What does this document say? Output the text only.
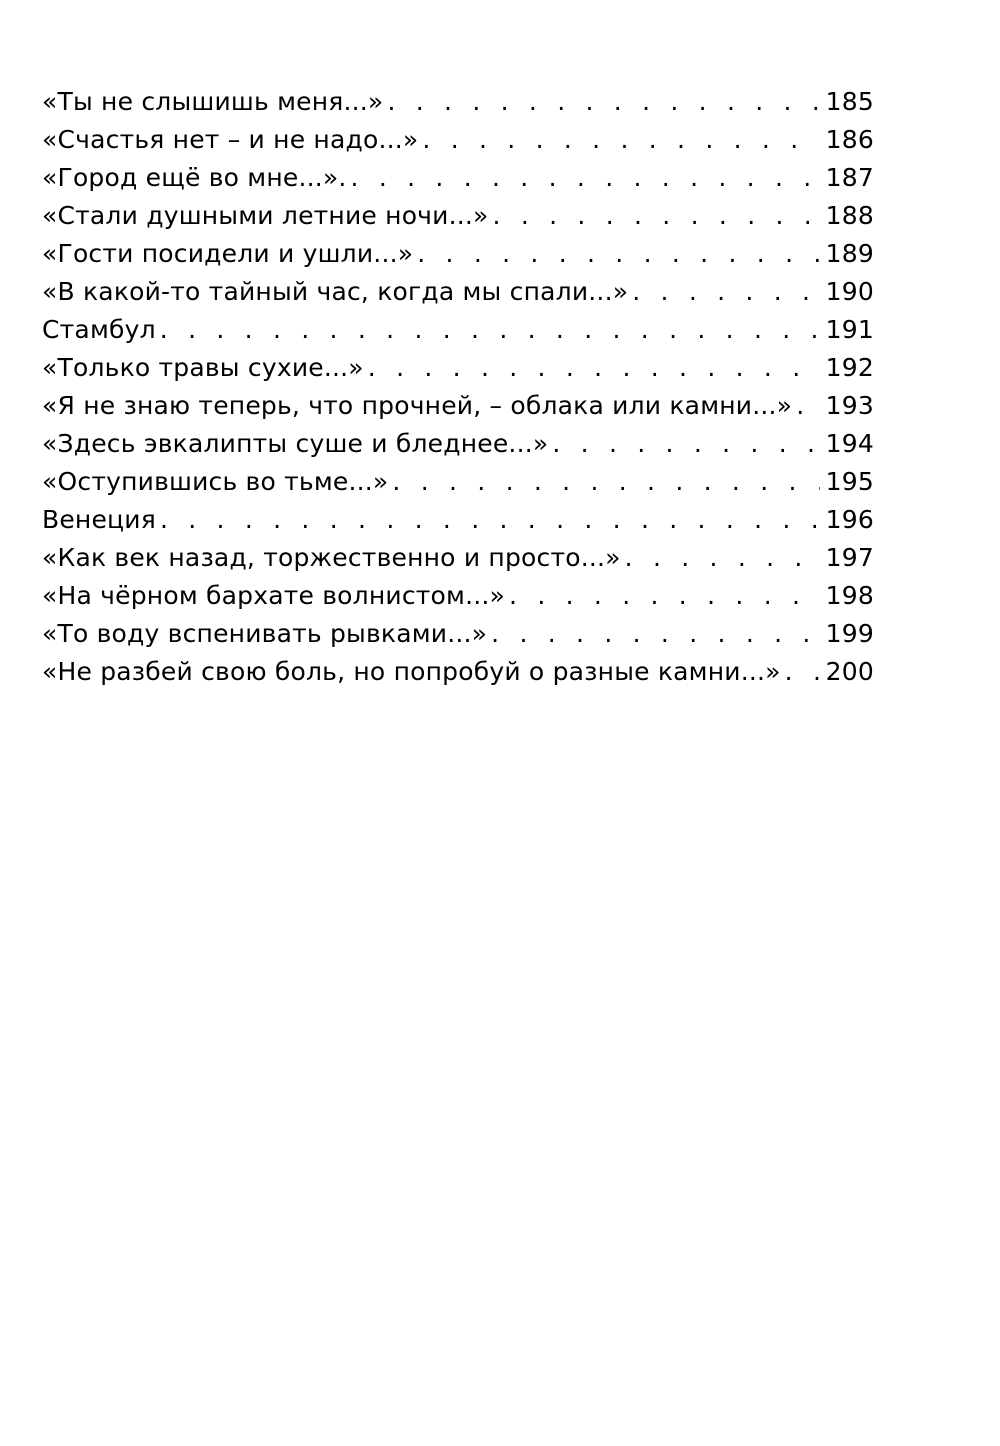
«Ты не слышишь меня...» . . .	185
«Счастья нет – и не надо...» . . .	186
«Город ещё во мне...». . . .	187
«Стали душными летние ночи...» . . .	188
«Гости посидели и ушли...» . . .	189
«В какой-то тайный час, когда мы спали...» . . .	190
Стамбул . . .	191
«Только травы сухие...» . . .	192
«Я не знаю теперь, что прочней, – облака или камни...» . . . 193
«Здесь эвкалипты суше и бледнее...» . . .	194
«Оступившись во тьме...» . . .	195
Венеция . . .	196
«Как век назад, торжественно и просто...» . . .	197
«На чёрном бархате волнистом...» . . .	198
«То воду вспенивать рывками...» . . .	199
«Не разбей свою боль, но попробуй о разные камни...» . . . 200
